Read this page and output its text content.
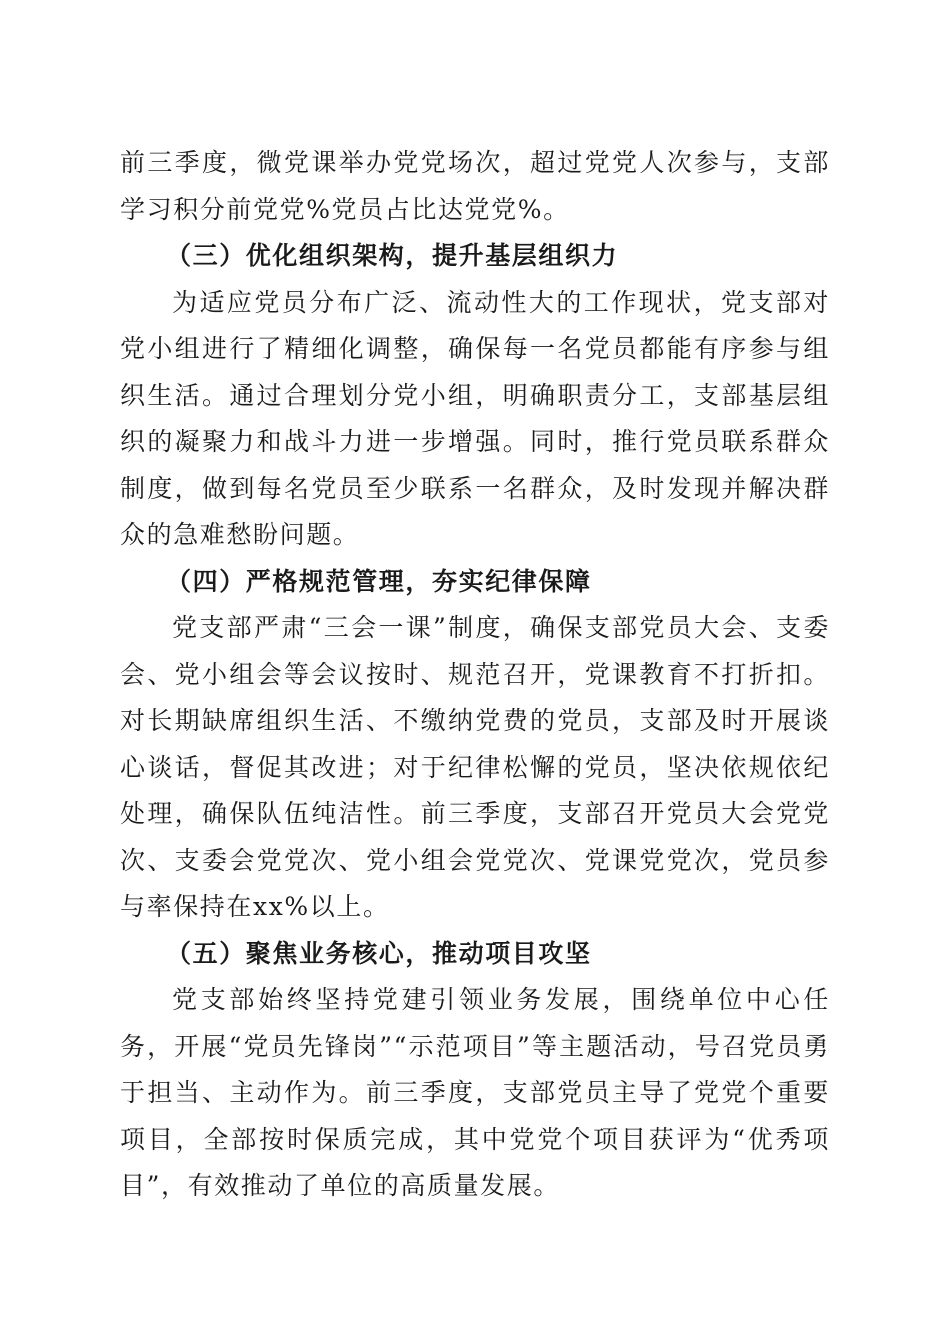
前三季度，微党课举办党党场次，超过党党人次参与，支部学习积分前党党%党员占比达党党%。

（三）优化组织架构，提升基层组织力

为适应党员分布广泛、流动性大的工作现状，党支部对党小组进行了精细化调整，确保每一名党员都能有序参与组织生活。通过合理划分党小组，明确职责分工，支部基层组织的凝聚力和战斗力进一步增强。同时，推行党员联系群众制度，做到每名党员至少联系一名群众，及时发现并解决群众的急难愁盼问题。

（四）严格规范管理，夯实纪律保障

党支部严肃“三会一课”制度，确保支部党员大会、支委会、党小组会等会议按时、规范召开，党课教育不打折扣。对长期缺席组织生活、不缴纳党费的党员，支部及时开展谈心谈话，督促其改进；对于纪律松懈的党员，坚决依规依纪处理，确保队伍纯洁性。前三季度，支部召开党员大会党党次、支委会党党次、党小组会党党次、党课党党次，党员参与率保持在xx%以上。

（五）聚焦业务核心，推动项目攻坚

党支部始终坚持党建引领业务发展，围绕单位中心任务，开展“党员先锋岗”“示范项目”等主题活动，号召党员勇于担当、主动作为。前三季度，支部党员主导了党党个重要项目，全部按时保质完成，其中党党个项目获评为“优秀项目”，有效推动了单位的高质量发展。
